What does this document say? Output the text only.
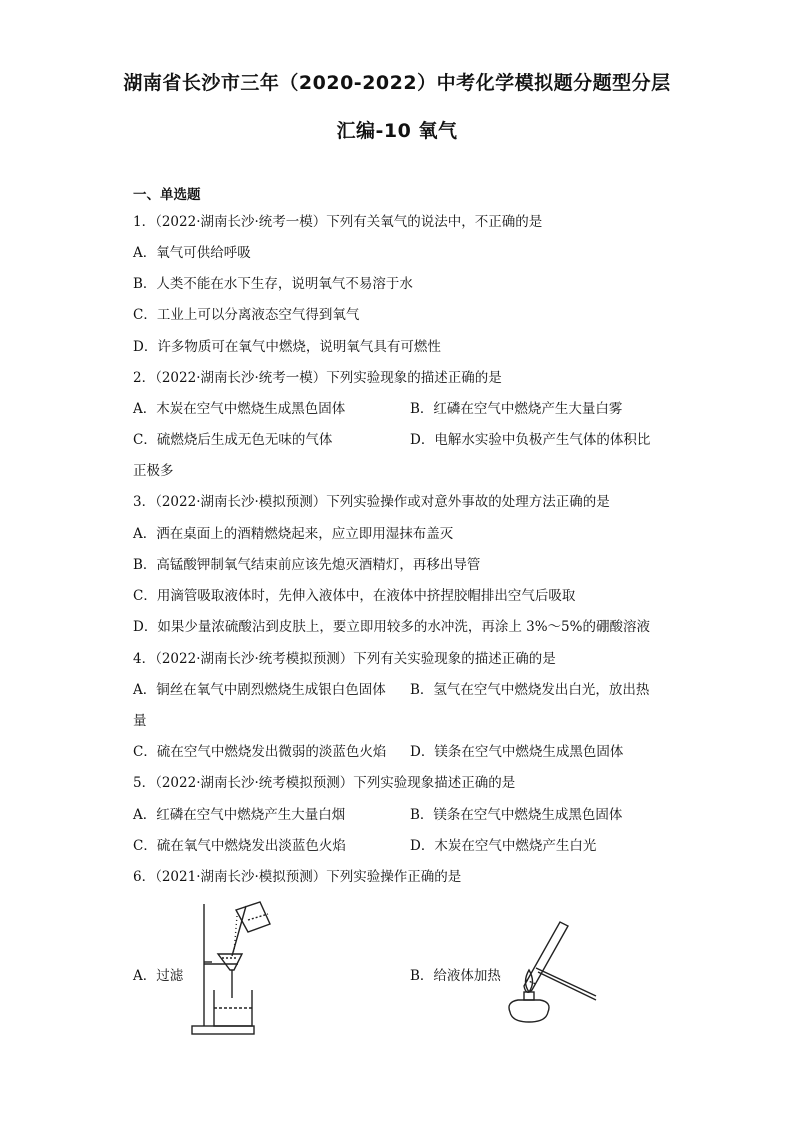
湖南省长沙市三年（2020-2022）中考化学模拟题分题型分层
汇编-10 氧气
一、单选题
1．（2022·湖南长沙·统考一模）下列有关氧气的说法中，不正确的是
A．氧气可供给呼吸
B．人类不能在水下生存，说明氧气不易溶于水
C．工业上可以分离液态空气得到氧气
D．许多物质可在氧气中燃烧，说明氧气具有可燃性
2．（2022·湖南长沙·统考一模）下列实验现象的描述正确的是
A．木炭在空气中燃烧生成黑色固体	B．红磷在空气中燃烧产生大量白雾
C．硫燃烧后生成无色无味的气体	D．电解水实验中负极产生气体的体积比
正极多
3．（2022·湖南长沙·模拟预测）下列实验操作或对意外事故的处理方法正确的是
A．洒在桌面上的酒精燃烧起来，应立即用湿抹布盖灭
B．高锰酸钾制氧气结束前应该先熄灭酒精灯，再移出导管
C．用滴管吸取液体时，先伸入液体中，在液体中挤捏胶帽排出空气后吸取
D．如果少量浓硫酸沾到皮肤上，要立即用较多的水冲洗，再涂上 3%～5%的硼酸溶液
4．（2022·湖南长沙·统考模拟预测）下列有关实验现象的描述正确的是
A．铜丝在氧气中剧烈燃烧生成银白色固体 B．氢气在空气中燃烧发出白光，放出热
量
C．硫在空气中燃烧发出微弱的淡蓝色火焰 D．镁条在空气中燃烧生成黑色固体
5．（2022·湖南长沙·统考模拟预测）下列实验现象描述正确的是
A．红磷在空气中燃烧产生大量白烟	B．镁条在空气中燃烧生成黑色固体
C．硫在氧气中燃烧发出淡蓝色火焰	D．木炭在空气中燃烧产生白光
6．（2021·湖南长沙·模拟预测）下列实验操作正确的是
A．过滤	B．给液体加热
